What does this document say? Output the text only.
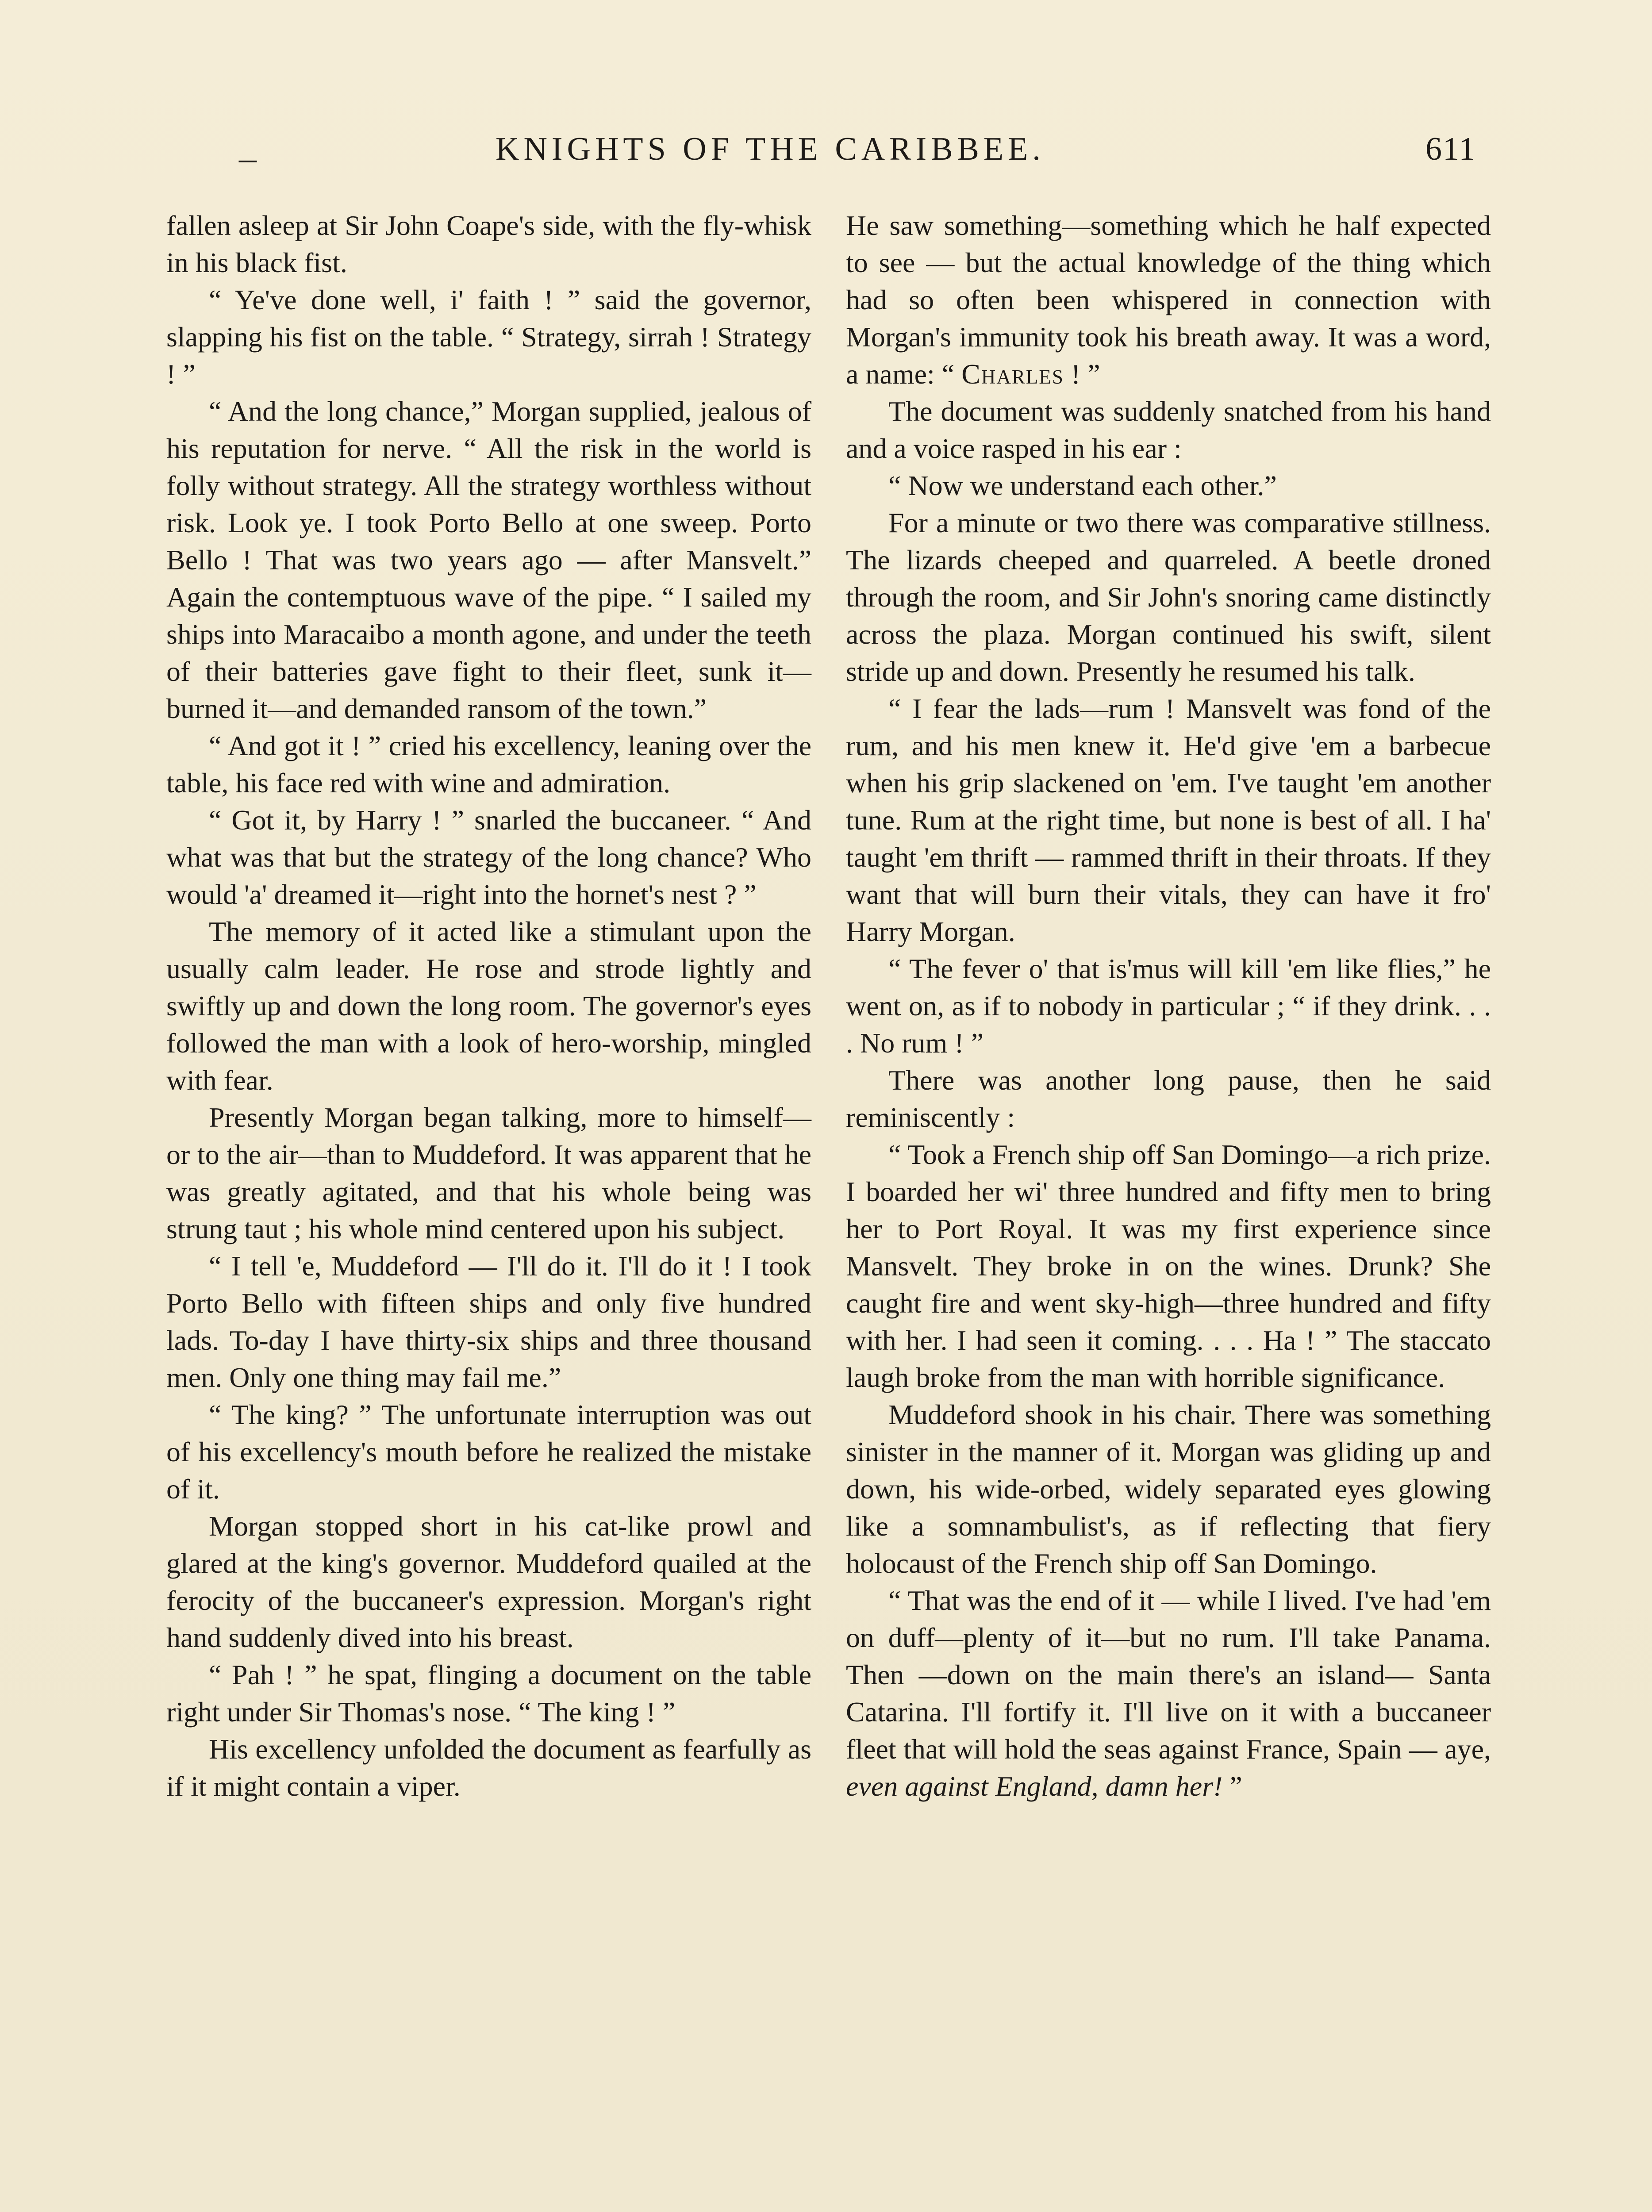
–	KNIGHTS OF THE CARIBBEE.	611

fallen asleep at Sir John Coape's side, with the fly-whisk in his black fist.

“ Ye've done well, i' faith ! ” said the governor, slapping his fist on the table. “ Strategy, sirrah ! Strategy ! ”

“ And the long chance,” Morgan supplied, jealous of his reputation for nerve. “ All the risk in the world is folly without strategy. All the strategy worthless without risk. Look ye. I took Porto Bello at one sweep. Porto Bello ! That was two years ago — after Mansvelt.” Again the contemptuous wave of the pipe. “ I sailed my ships into Maracaibo a month agone, and under the teeth of their batteries gave fight to their fleet, sunk it—burned it—and demanded ransom of the town.”

“ And got it ! ” cried his excellency, leaning over the table, his face red with wine and admiration.

“ Got it, by Harry ! ” snarled the buccaneer. “ And what was that but the strategy of the long chance? Who would 'a' dreamed it—right into the hornet's nest ? ”

The memory of it acted like a stimulant upon the usually calm leader. He rose and strode lightly and swiftly up and down the long room. The governor's eyes followed the man with a look of hero-worship, mingled with fear.

Presently Morgan began talking, more to himself—or to the air—than to Muddeford. It was apparent that he was greatly agitated, and that his whole being was strung taut ; his whole mind centered upon his subject.

“ I tell 'e, Muddeford — I'll do it. I'll do it ! I took Porto Bello with fifteen ships and only five hundred lads. To-day I have thirty-six ships and three thousand men. Only one thing may fail me.”

“ The king? ” The unfortunate interruption was out of his excellency's mouth before he realized the mistake of it.

Morgan stopped short in his cat-like prowl and glared at the king's governor. Muddeford quailed at the ferocity of the buccaneer's expression. Morgan's right hand suddenly dived into his breast.

“ Pah ! ” he spat, flinging a document on the table right under Sir Thomas's nose. “ The king ! ”

His excellency unfolded the document as fearfully as if it might contain a viper.

He saw something—something which he half expected to see — but the actual knowledge of the thing which had so often been whispered in connection with Morgan's immunity took his breath away. It was a word, a name: “ Charles ! ”

The document was suddenly snatched from his hand and a voice rasped in his ear :

“ Now we understand each other.”

For a minute or two there was comparative stillness. The lizards cheeped and quarreled. A beetle droned through the room, and Sir John's snoring came distinctly across the plaza. Morgan continued his swift, silent stride up and down. Presently he resumed his talk.

“ I fear the lads—rum ! Mansvelt was fond of the rum, and his men knew it. He'd give 'em a barbecue when his grip slackened on 'em. I've taught 'em another tune. Rum at the right time, but none is best of all. I ha' taught 'em thrift — rammed thrift in their throats. If they want that will burn their vitals, they can have it fro' Harry Morgan.

“ The fever o' that is'mus will kill 'em like flies,” he went on, as if to nobody in particular ; “ if they drink. . . . No rum ! ”

There was another long pause, then he said reminiscently :

“ Took a French ship off San Domingo—a rich prize. I boarded her wi' three hundred and fifty men to bring her to Port Royal. It was my first experience since Mansvelt. They broke in on the wines. Drunk? She caught fire and went sky-high—three hundred and fifty with her. I had seen it coming. . . . Ha ! ” The staccato laugh broke from the man with horrible significance.

Muddeford shook in his chair. There was something sinister in the manner of it. Morgan was gliding up and down, his wide-orbed, widely separated eyes glowing like a somnambulist's, as if reflecting that fiery holocaust of the French ship off San Domingo.

“ That was the end of it — while I lived. I've had 'em on duff—plenty of it—but no rum. I'll take Panama. Then —down on the main there's an island— Santa Catarina. I'll fortify it. I'll live on it with a buccaneer fleet that will hold the seas against France, Spain — aye, even against England, damn her! ”
